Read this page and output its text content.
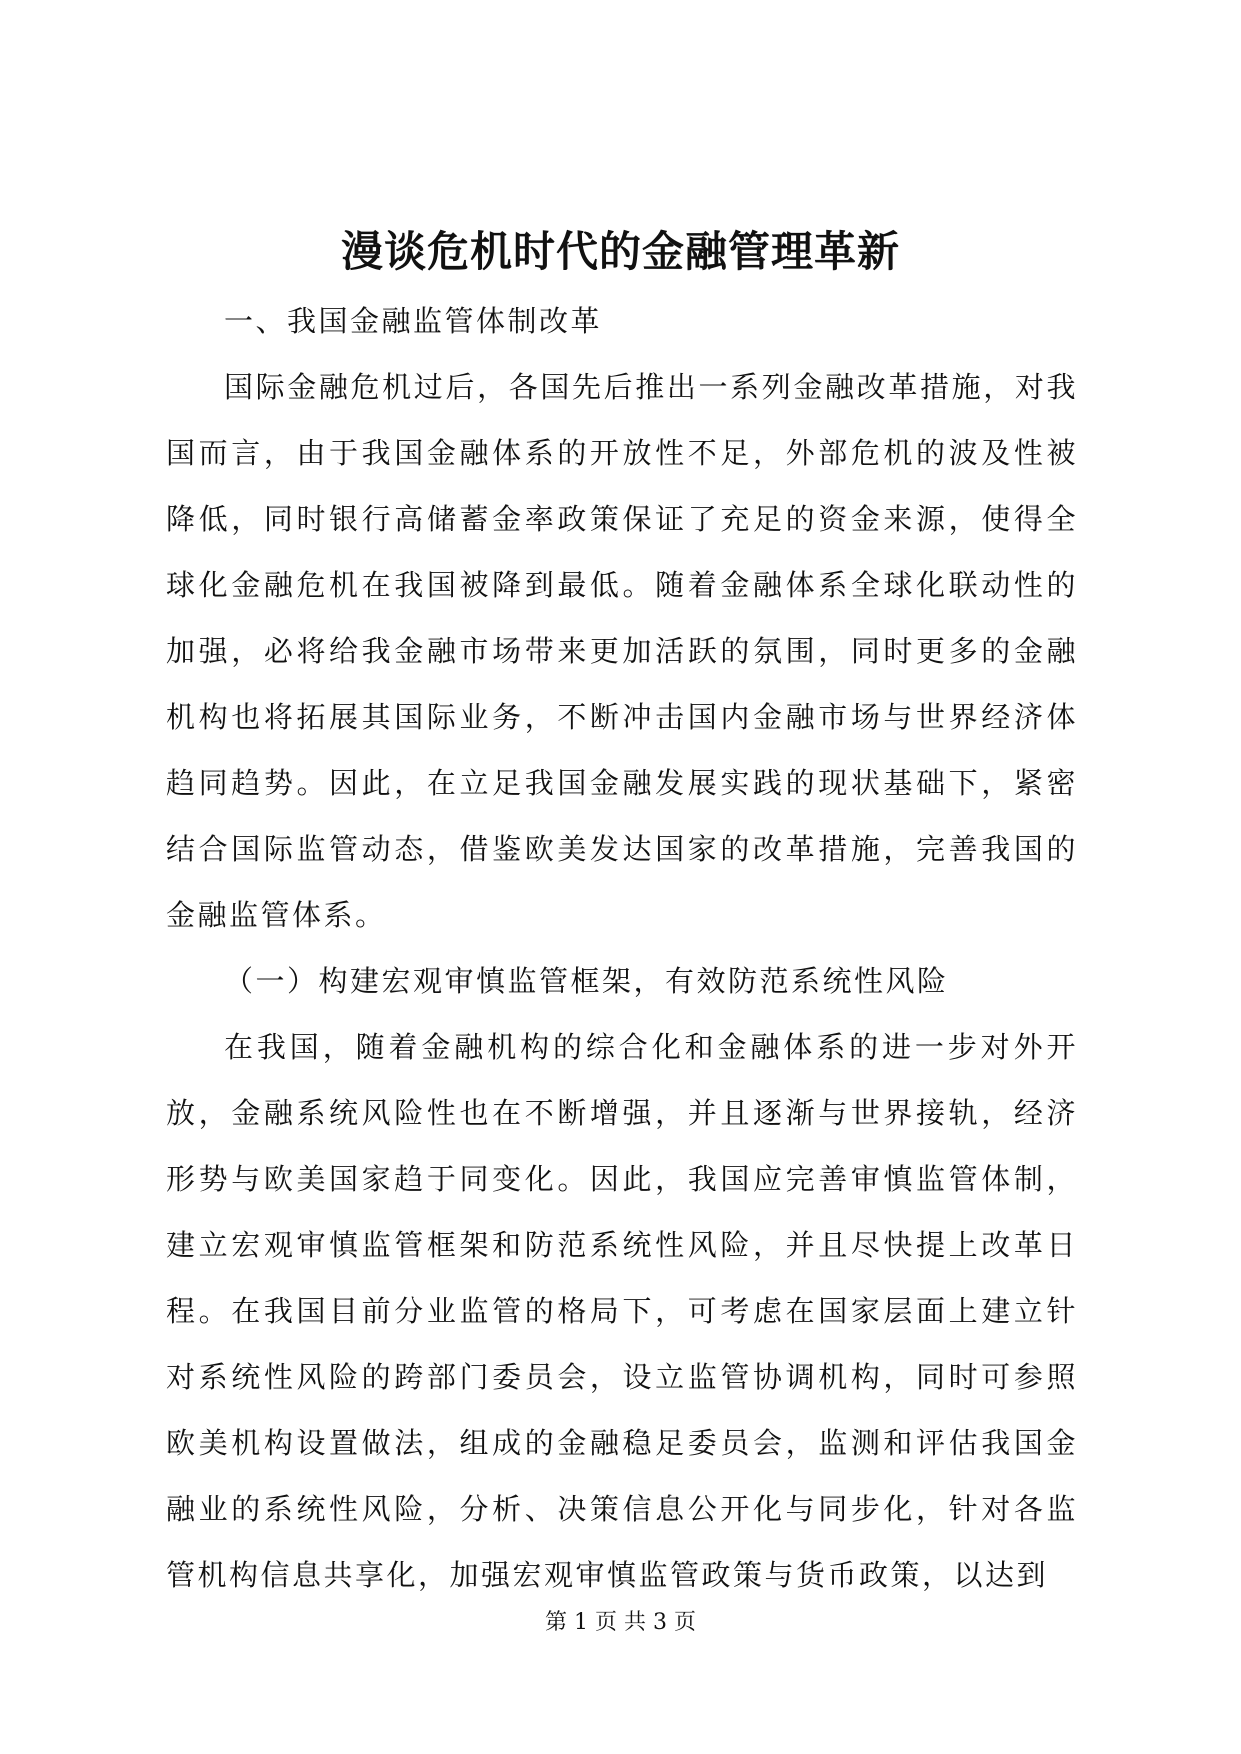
漫谈危机时代的金融管理革新

一、我国金融监管体制改革

国际金融危机过后，各国先后推出一系列金融改革措施，对我国而言，由于我国金融体系的开放性不足，外部危机的波及性被降低，同时银行高储蓄金率政策保证了充足的资金来源，使得全球化金融危机在我国被降到最低。随着金融体系全球化联动性的加强，必将给我金融市场带来更加活跃的氛围，同时更多的金融机构也将拓展其国际业务，不断冲击国内金融市场与世界经济体趋同趋势。因此，在立足我国金融发展实践的现状基础下，紧密结合国际监管动态，借鉴欧美发达国家的改革措施，完善我国的金融监管体系。

（一）构建宏观审慎监管框架，有效防范系统性风险

在我国，随着金融机构的综合化和金融体系的进一步对外开放，金融系统风险性也在不断增强，并且逐渐与世界接轨，经济形势与欧美国家趋于同变化。因此，我国应完善审慎监管体制，建立宏观审慎监管框架和防范系统性风险，并且尽快提上改革日程。在我国目前分业监管的格局下，可考虑在国家层面上建立针对系统性风险的跨部门委员会，设立监管协调机构，同时可参照欧美机构设置做法，组成的金融稳足委员会，监测和评估我国金融业的系统性风险，分析、决策信息公开化与同步化，针对各监管机构信息共享化，加强宏观审慎监管政策与货币政策，以达到

第 1 页 共 3 页
